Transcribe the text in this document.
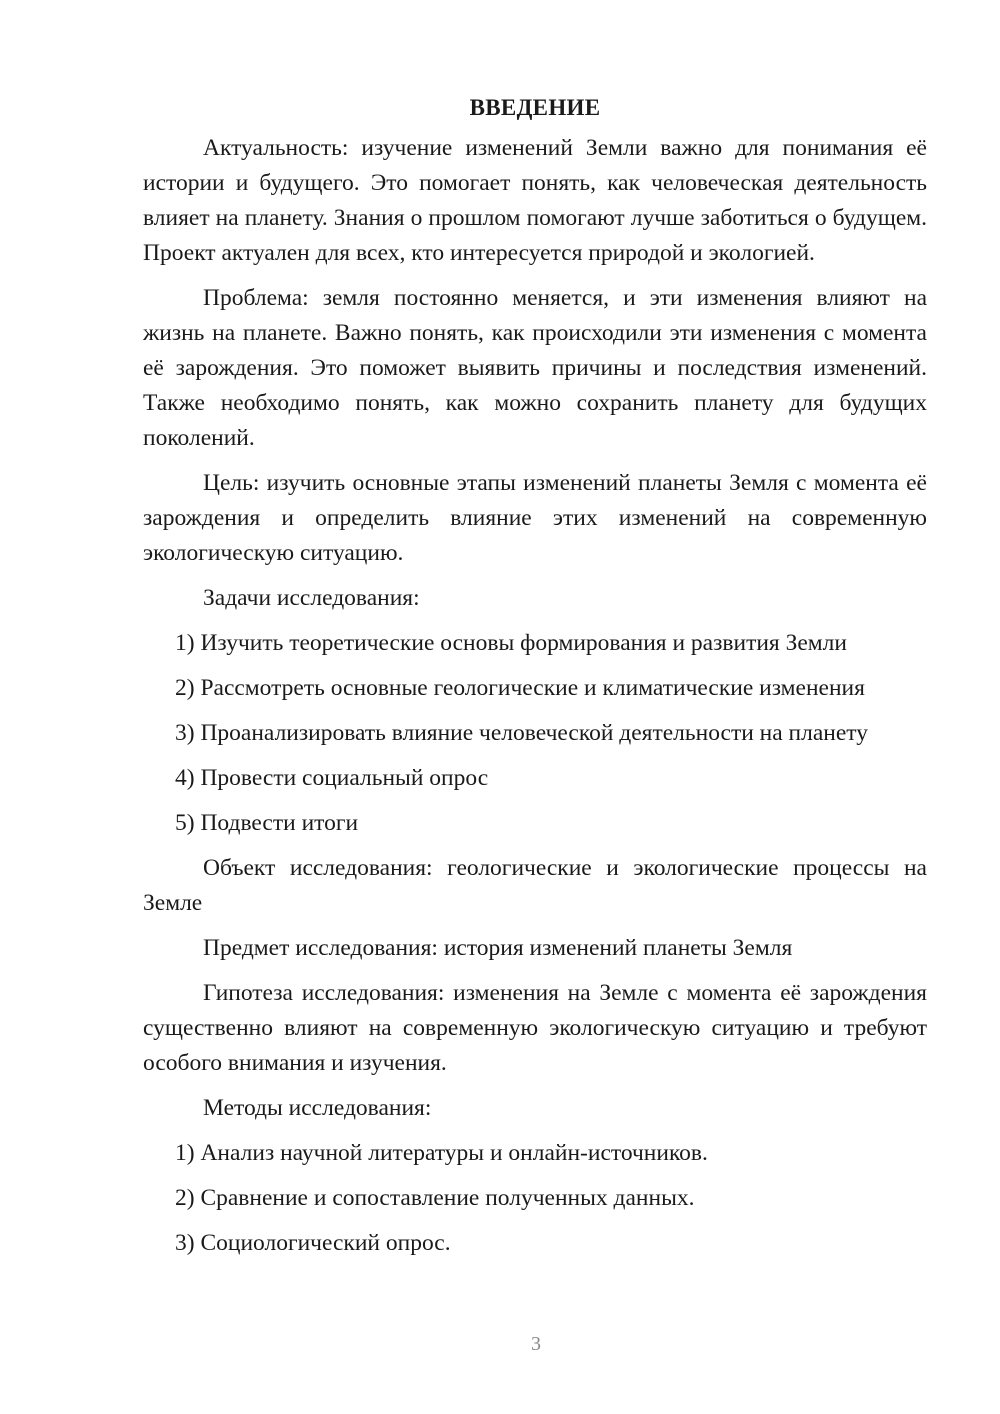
ВВЕДЕНИЕ

Актуальность: изучение изменений Земли важно для понимания её истории и будущего. Это помогает понять, как человеческая деятельность влияет на планету. Знания о прошлом помогают лучше заботиться о будущем. Проект актуален для всех, кто интересуется природой и экологией.

Проблема: земля постоянно меняется, и эти изменения влияют на жизнь на планете. Важно понять, как происходили эти изменения с момента её зарождения. Это поможет выявить причины и последствия изменений. Также необходимо понять, как можно сохранить планету для будущих поколений.

Цель: изучить основные этапы изменений планеты Земля с момента её зарождения и определить влияние этих изменений на современную экологическую ситуацию.

Задачи исследования:

1) Изучить теоретические основы формирования и развития Земли
2) Рассмотреть основные геологические и климатические изменения
3) Проанализировать влияние человеческой деятельности на планету
4) Провести социальный опрос
5) Подвести итоги

Объект исследования: геологические и экологические процессы на Земле

Предмет исследования: история изменений планеты Земля

Гипотеза исследования: изменения на Земле с момента её зарождения существенно влияют на современную экологическую ситуацию и требуют особого внимания и изучения.

Методы исследования:

1) Анализ научной литературы и онлайн-источников.
2) Сравнение и сопоставление полученных данных.
3) Социологический опрос.
3
